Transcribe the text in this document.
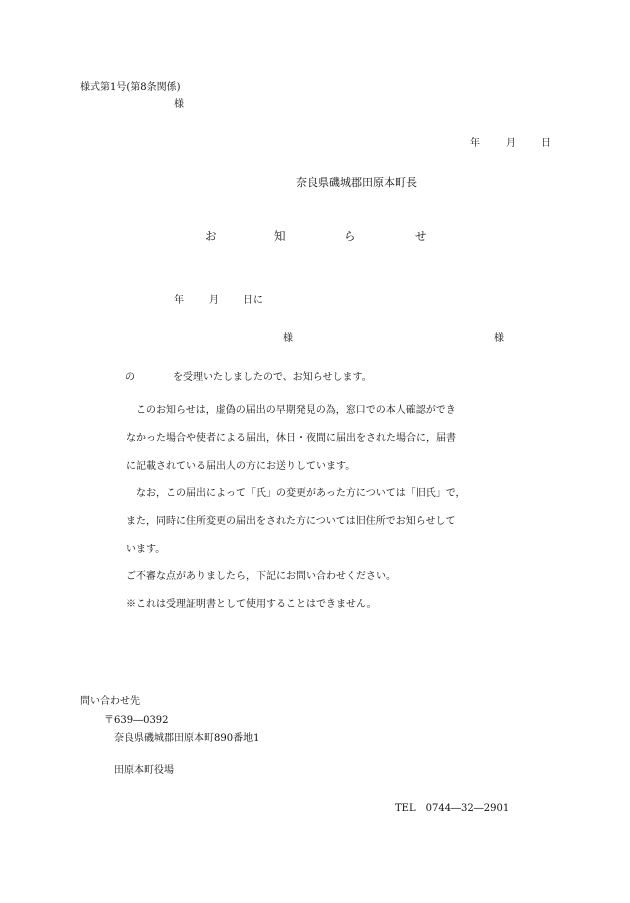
様式第1号(第8条関係)
様
年	月	日
奈良県磯城郡田原本町長
お	知	ら	せ
年	月 日に
様	様
の	を受理いたしましたので、お知らせします。
このお知らせは，虚偽の届出の早期発見の為，窓口での本人確認ができ
なかった場合や使者による届出，休日・夜間に届出をされた場合に，届書
に記載されている届出人の方にお送りしています。
なお，この届出によって「氏」の変更があった方については「旧氏」で，
また，同時に住所変更の届出をされた方については旧住所でお知らせして
います。
ご不審な点がありましたら，下記にお問い合わせください。
※これは受理証明書として使用することはできません。
問い合わせ先
〒639―0392
奈良県磯城郡田原本町890番地1
田原本町役場
TEL　0744―32―2901
